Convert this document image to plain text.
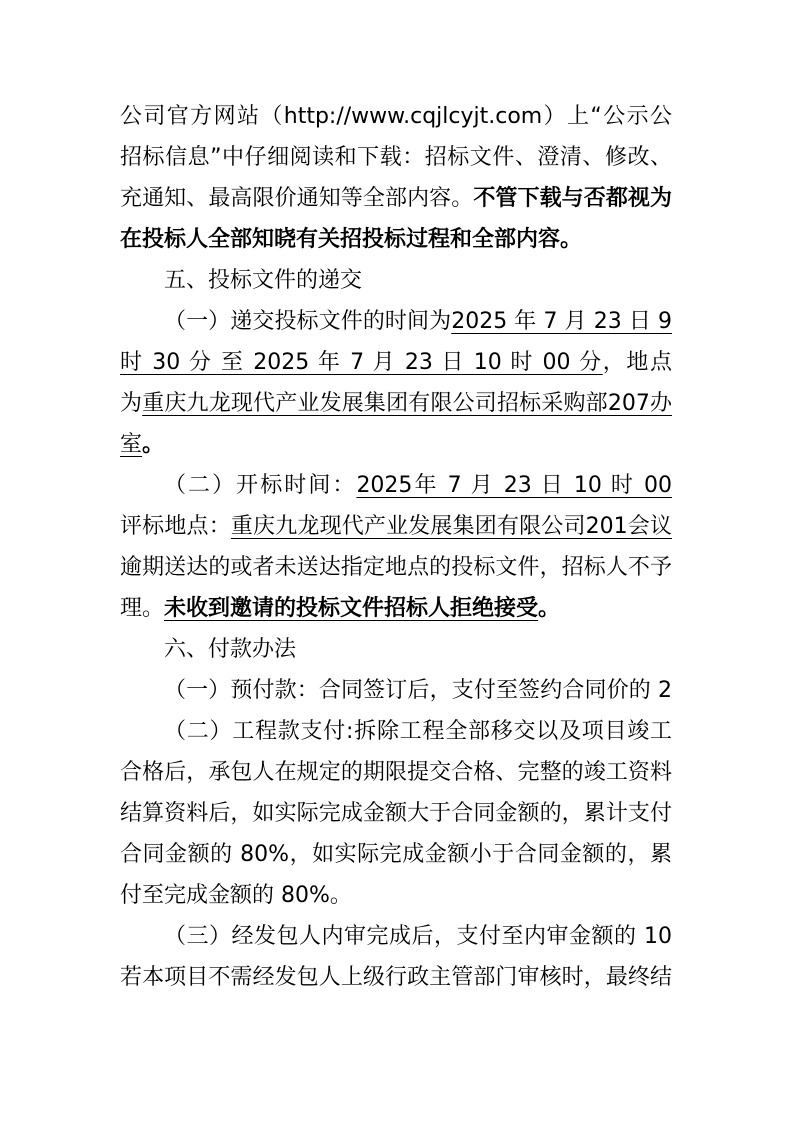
公司官方网站（http://www.cqjlcyjt.com）上“公示公
招标信息”中仔细阅读和下载：招标文件、澄清、修改、
充通知、最高限价通知等全部内容。不管下载与否都视为
在投标人全部知晓有关招投标过程和全部内容。
五、投标文件的递交
（一）递交投标文件的时间为2025 年 7 月 23 日 9
时 30 分 至 2025 年 7 月 23 日 10 时 00 分，地点
为重庆九龙现代产业发展集团有限公司招标采购部207办
室。
（二）开标时间：2025年 7 月 23 日 10 时 00
评标地点：重庆九龙现代产业发展集团有限公司201会议
逾期送达的或者未送达指定地点的投标文件，招标人不予
理。未收到邀请的投标文件招标人拒绝接受。
六、付款办法
（一）预付款：合同签订后，支付至签约合同价的 2
（二）工程款支付:拆除工程全部移交以及项目竣工
合格后，承包人在规定的期限提交合格、完整的竣工资料
结算资料后，如实际完成金额大于合同金额的，累计支付
合同金额的 80%，如实际完成金额小于合同金额的，累
付至完成金额的 80%。
（三）经发包人内审完成后，支付至内审金额的 10
若本项目不需经发包人上级行政主管部门审核时，最终结
